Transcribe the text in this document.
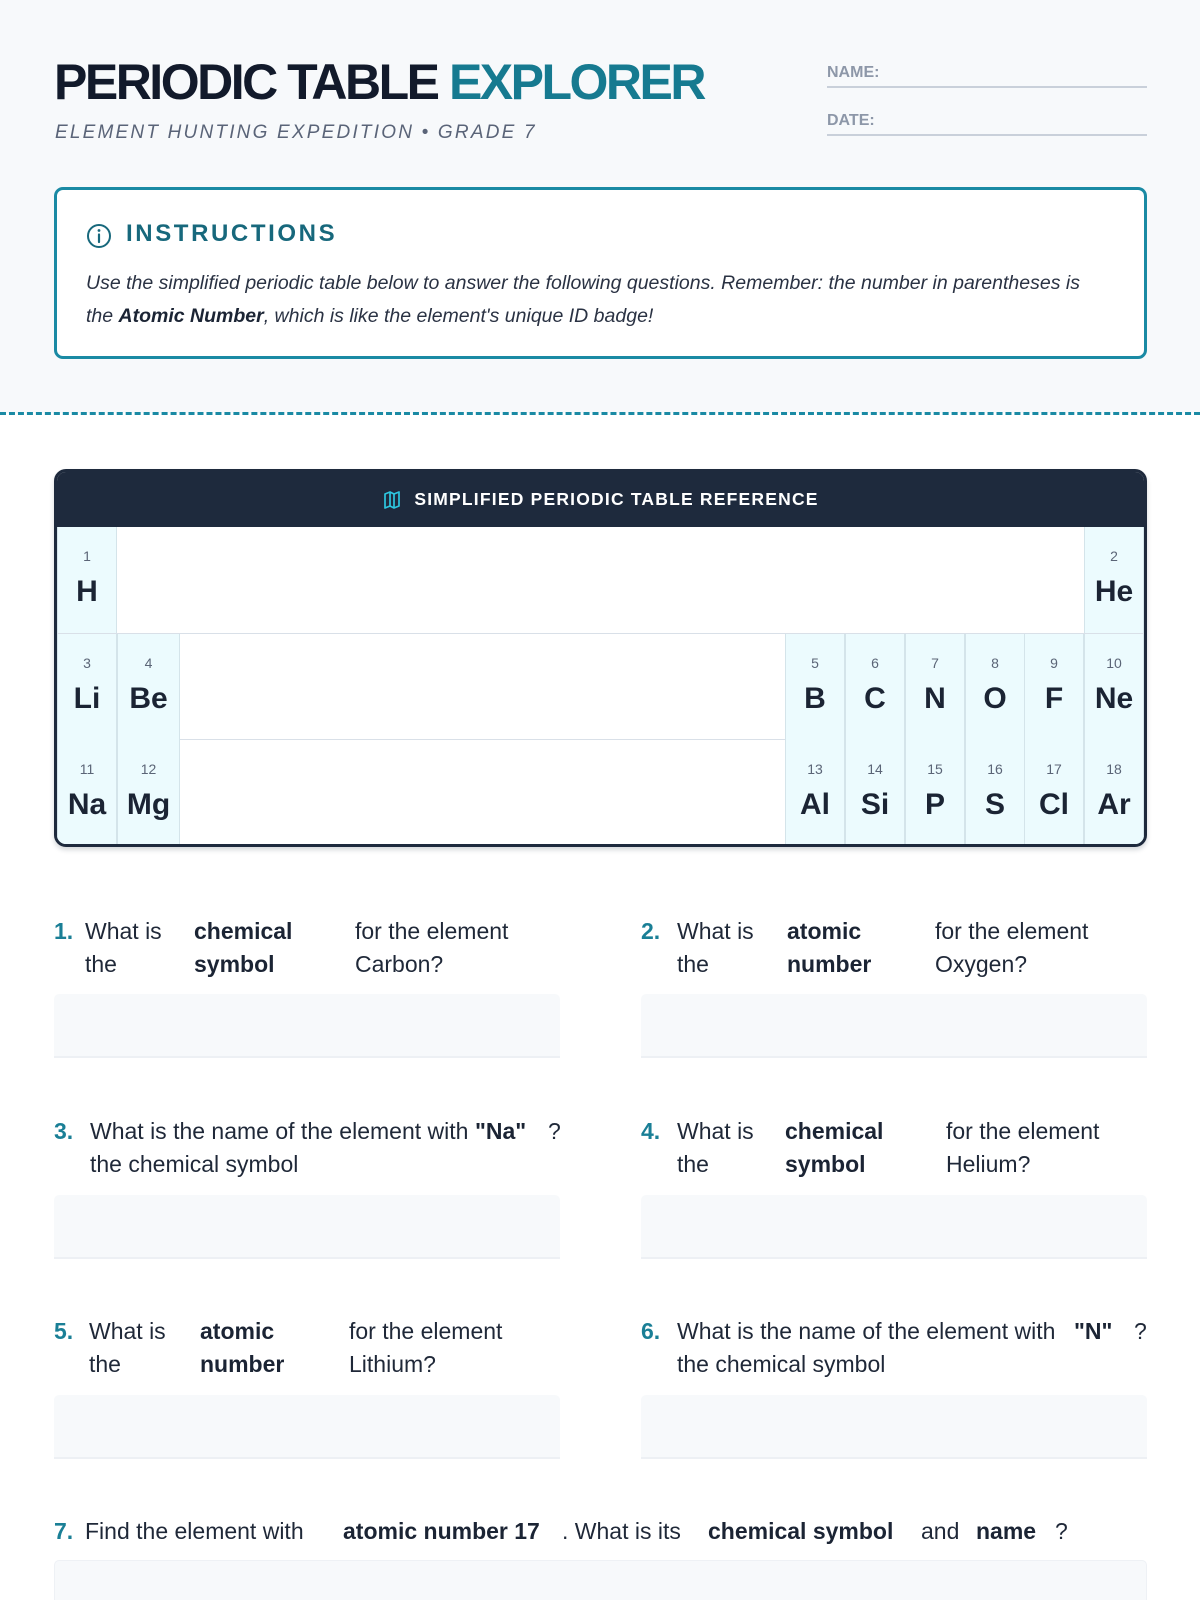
PERIODIC TABLE EXPLORER
ELEMENT HUNTING EXPEDITION • GRADE 7
NAME:
DATE:
INSTRUCTIONS
Use the simplified periodic table below to answer the following questions. Remember: the number in parentheses is the Atomic Number, which is like the element's unique ID badge!
SIMPLIFIED PERIODIC TABLE REFERENCE
1
H
2
He
3
Li
4
Be
5
B
6
C
7
N
8
O
9
F
10
Ne
11
Na
12
Mg
13
Al
14
Si
15
P
16
S
17
Cl
18
Ar
1. What is the
chemical symbol
for the element Carbon?
2. What is the
atomic number
for the element Oxygen?
3. What is the name of the element with the chemical symbol
"Na" ?	4. What is the
chemical symbol
for the element Helium?
5. What is the
atomic number
for the element Lithium?
6. What is the name of the element with the chemical symbol
"N" ?
7. Find the element with atomic number 17 . What is its chemical symbol and name ?
